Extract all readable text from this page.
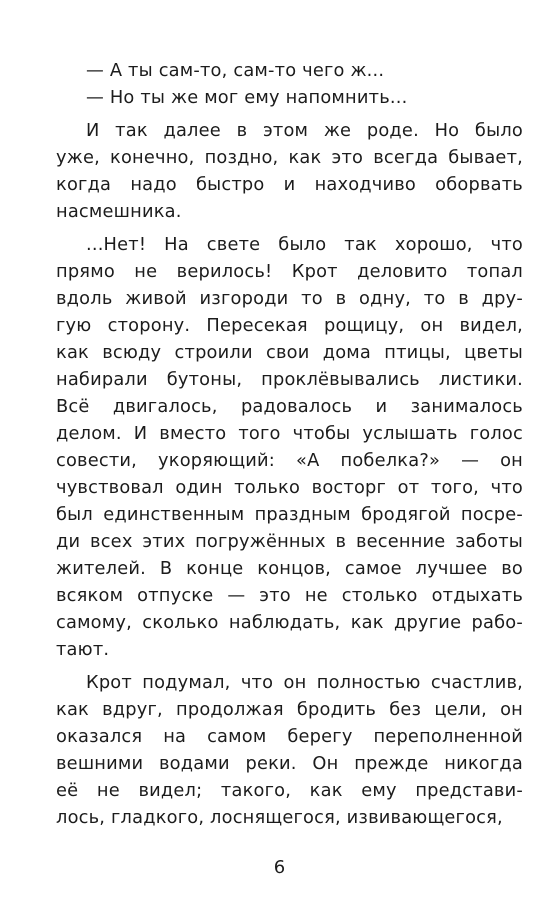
— А ты сам-то, сам-то чего ж...
— Но ты же мог ему напомнить...
И так далее в этом же роде. Но было
уже, конечно, поздно, как это всегда бывает,
когда надо быстро и находчиво оборвать
насмешника.
...Нет! На свете было так хорошо, что
прямо не верилось! Крот деловито топал
вдоль живой изгороди то в одну, то в дру-
гую сторону. Пересекая рощицу, он видел,
как всюду строили свои дома птицы, цветы
набирали бутоны, проклёвывались листики.
Всё двигалось, радовалось и занималось
делом. И вместо того чтобы услышать голос
совести, укоряющий: «А побелка?» — он
чувствовал один только восторг от того, что
был единственным праздным бродягой посре-
ди всех этих погружённых в весенние заботы
жителей. В конце концов, самое лучшее во
всяком отпуске — это не столько отдыхать
самому, сколько наблюдать, как другие рабо-
тают.
Крот подумал, что он полностью счастлив,
как вдруг, продолжая бродить без цели, он
оказался на самом берегу переполненной
вешними водами реки. Он прежде никогда
её не видел; такого, как ему представи-
лось, гладкого, лоснящегося, извивающегося,
6
